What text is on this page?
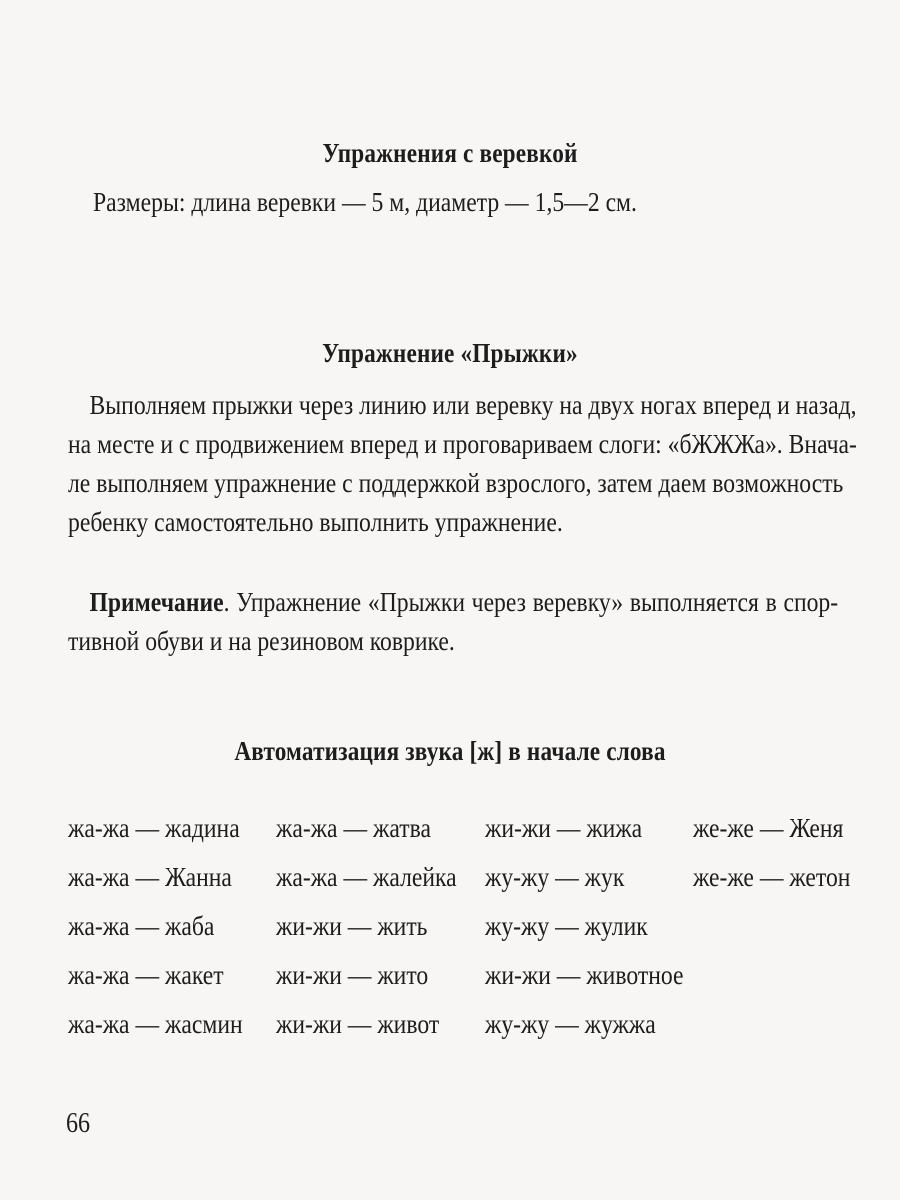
Упражнения с веревкой
Размеры: длина веревки — 5 м, диаметр — 1,5—2 см.
Упражнение «Прыжки»
Выполняем прыжки через линию или веревку на двух ногах вперед и назад,
на месте и с продвижением вперед и проговариваем слоги: «бЖЖЖа». Внача-
ле выполняем упражнение с поддержкой взрослого, затем даем возможность
ребенку самостоятельно выполнить упражнение.
Примечание. Упражнение «Прыжки через веревку» выполняется в спор-
тивной обуви и на резиновом коврике.
Автоматизация звука [ж] в начале слова
жа-жа — жадина жа-жа — жатва жи-жи — жижа же-же — Женя
жа-жа — Жанна жа-жа — жалейка жу-жу — жук же-же — жетон
жа-жа — жаба жи-жи — жить жу-жу — жулик
жа-жа — жакет жи-жи — жито жи-жи — животное
жа-жа — жасмин жи-жи — живот жу-жу — жужжа
66
